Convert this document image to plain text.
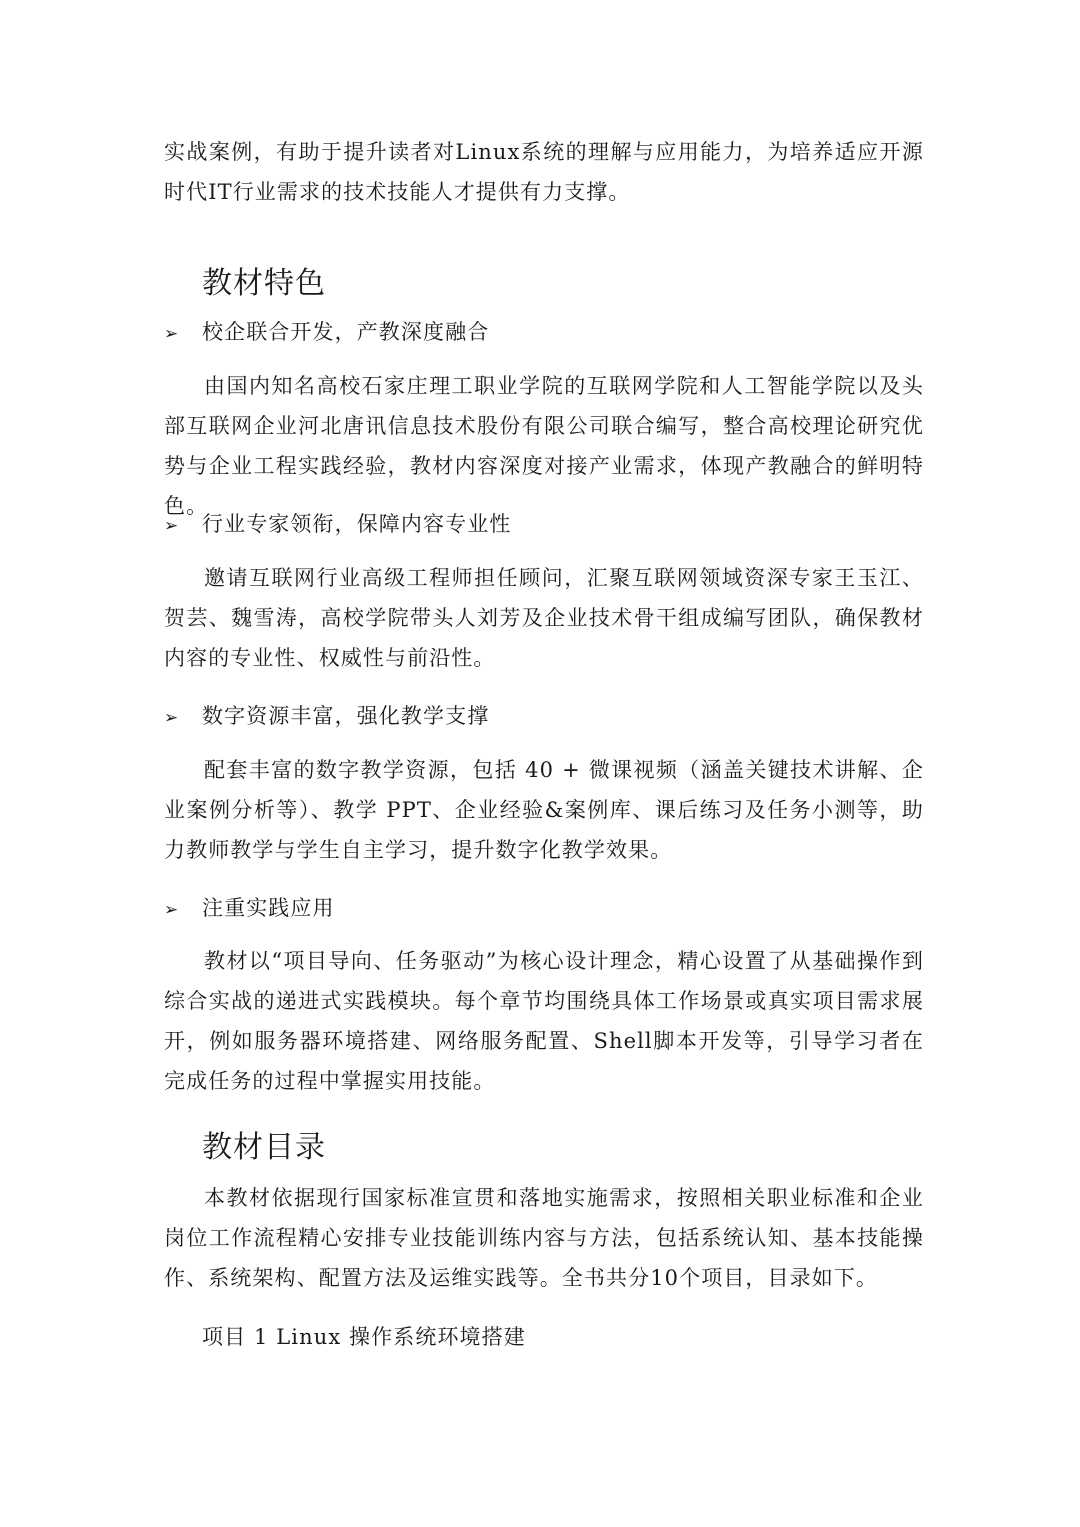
实战案例，有助于提升读者对Linux系统的理解与应用能力，为培养适应开源时代IT行业需求的技术技能人才提供有力支撑。

教材特色
➢ 校企联合开发，产教深度融合

由国内知名高校石家庄理工职业学院的互联网学院和人工智能学院以及头部互联网企业河北唐讯信息技术股份有限公司联合编写，整合高校理论研究优势与企业工程实践经验，教材内容深度对接产业需求，体现产教融合的鲜明特色。

➢ 行业专家领衔，保障内容专业性

邀请互联网行业高级工程师担任顾问，汇聚互联网领域资深专家王玉江、贺芸、魏雪涛，高校学院带头人刘芳及企业技术骨干组成编写团队，确保教材内容的专业性、权威性与前沿性。

➢ 数字资源丰富，强化教学支撑

配套丰富的数字教学资源，包括 40 + 微课视频（涵盖关键技术讲解、企业案例分析等）、教学 PPT、企业经验&案例库、课后练习及任务小测等，助力教师教学与学生自主学习，提升数字化教学效果。

➢ 注重实践应用

教材以“项目导向、任务驱动”为核心设计理念，精心设置了从基础操作到综合实战的递进式实践模块。每个章节均围绕具体工作场景或真实项目需求展开，例如服务器环境搭建、网络服务配置、Shell脚本开发等，引导学习者在完成任务的过程中掌握实用技能。

教材目录

本教材依据现行国家标准宣贯和落地实施需求，按照相关职业标准和企业岗位工作流程精心安排专业技能训练内容与方法，包括系统认知、基本技能操作、系统架构、配置方法及运维实践等。全书共分10个项目，目录如下。

项目 1 Linux 操作系统环境搭建
